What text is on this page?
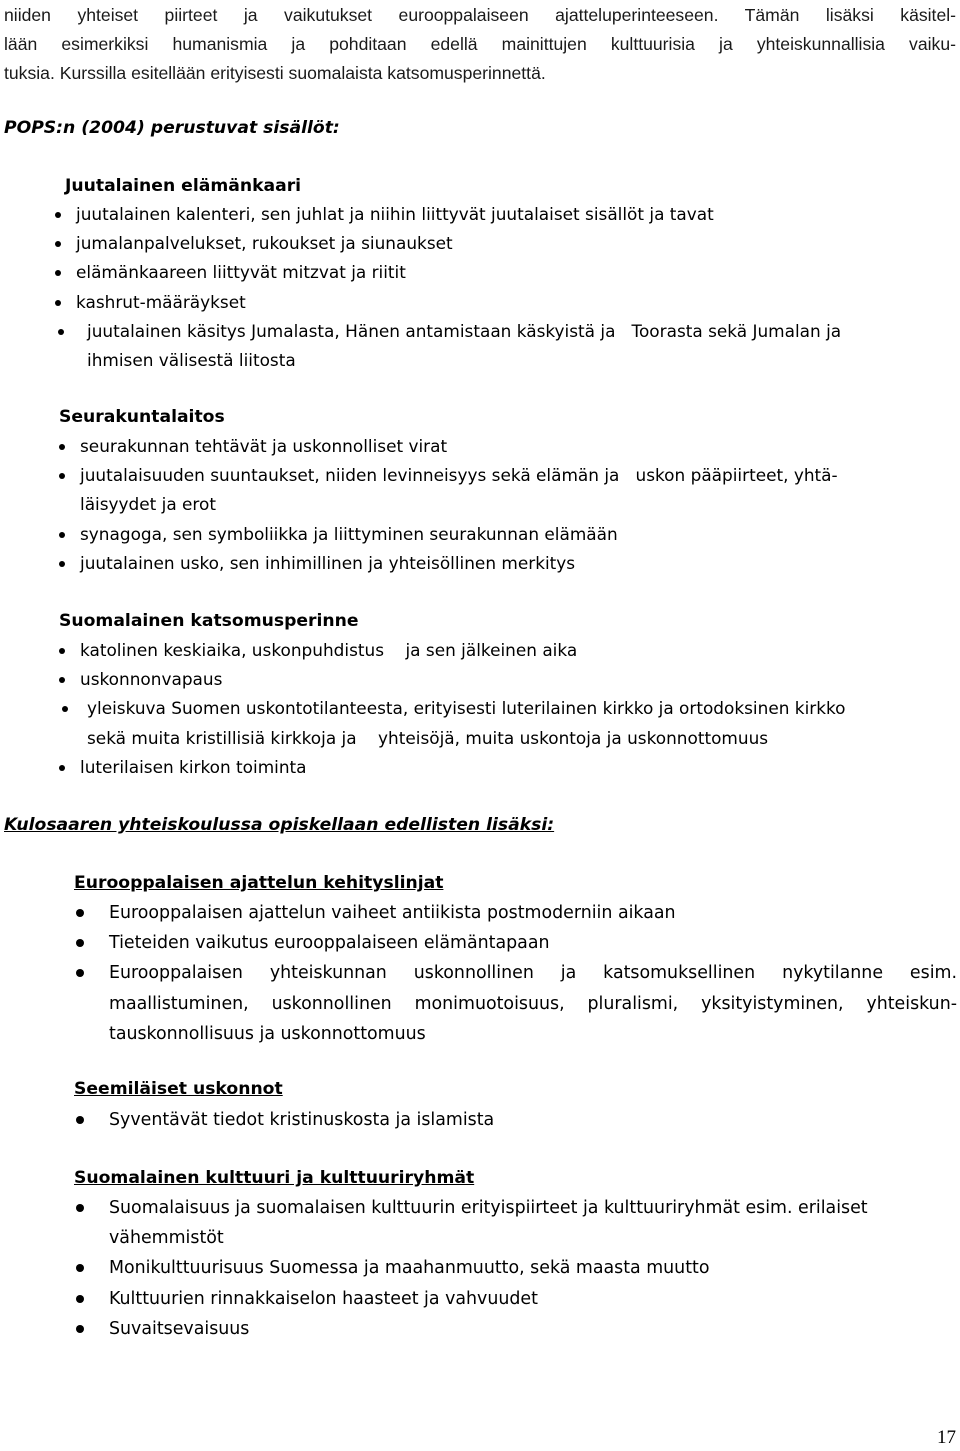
niiden yhteiset piirteet ja vaikutukset eurooppalaiseen ajatteluperinteeseen. Tämän lisäksi käsitel-
lään esimerkiksi humanismia ja pohditaan edellä mainittujen kulttuurisia ja yhteiskunnallisia vaiku-
tuksia. Kurssilla esitellään erityisesti suomalaista katsomusperinnettä.
POPS:n (2004) perustuvat sisällöt:
Juutalainen elämänkaari
juutalainen kalenteri, sen juhlat ja niihin liittyvät juutalaiset sisällöt ja tavat
jumalanpalvelukset, rukoukset ja siunaukset
elämänkaareen liittyvät mitzvat ja riitit
kashrut-määräykset
juutalainen käsitys Jumalasta, Hänen antamistaan käskyistä ja   Toorasta sekä Jumalan ja
ihmisen välisestä liitosta
Seurakuntalaitos
seurakunnan tehtävät ja uskonnolliset virat
juutalaisuuden suuntaukset, niiden levinneisyys sekä elämän ja   uskon pääpiirteet, yhtä-
läisyydet ja erot
synagoga, sen symboliikka ja liittyminen seurakunnan elämään
juutalainen usko, sen inhimillinen ja yhteisöllinen merkitys
Suomalainen katsomusperinne
katolinen keskiaika, uskonpuhdistus    ja sen jälkeinen aika
uskonnonvapaus
yleiskuva Suomen uskontotilanteesta, erityisesti luterilainen kirkko ja ortodoksinen kirkko
sekä muita kristillisiä kirkkoja ja    yhteisöjä, muita uskontoja ja uskonnottomuus
luterilaisen kirkon toiminta
Kulosaaren yhteiskoulussa opiskellaan edellisten lisäksi:
Eurooppalaisen ajattelun kehityslinjat
Eurooppalaisen ajattelun vaiheet antiikista postmoderniin aikaan
Tieteiden vaikutus eurooppalaiseen elämäntapaan
Eurooppalaisen yhteiskunnan uskonnollinen ja katsomuksellinen nykytilanne esim.
maallistuminen, uskonnollinen monimuotoisuus, pluralismi, yksityistyminen, yhteiskun-
tauskonnollisuus ja uskonnottomuus
Seemiläiset uskonnot
Syventävät tiedot kristinuskosta ja islamista
Suomalainen kulttuuri ja kulttuuriryhmät
Suomalaisuus ja suomalaisen kulttuurin erityispiirteet ja kulttuuriryhmät esim. erilaiset
vähemmistöt
Monikulttuurisuus Suomessa ja maahanmuutto, sekä maasta muutto
Kulttuurien rinnakkaiselon haasteet ja vahvuudet
Suvaitsevaisuus
17
